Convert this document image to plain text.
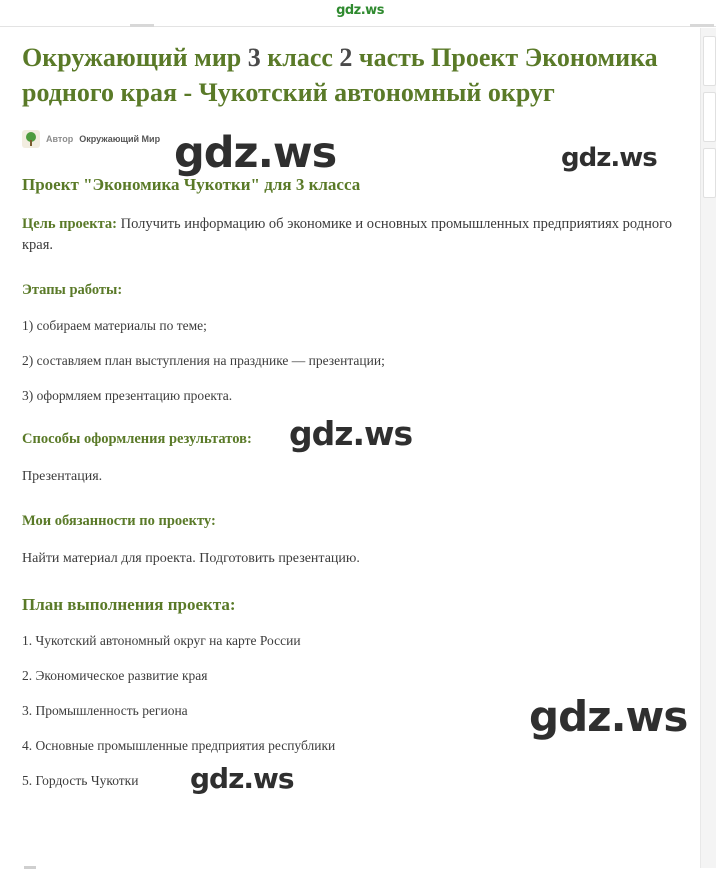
gdz.ws
Окружающий мир 3 класс 2 часть Проект Экономика родного края - Чукотский автономный округ
Автор Окружающий Мир
Проект "Экономика Чукотки" для 3 класса

Цель проекта: Получить информацию об экономике и основных промышленных предприятиях родного края.

Этапы работы:

1) собираем материалы по теме;

2) составляем план выступления на празднике — презентации;

3) оформляем презентацию проекта.

Способы оформления результатов:

Презентация.

Мои обязанности по проекту:

Найти материал для проекта. Подготовить презентацию.

План выполнения проекта:

1. Чукотский автономный округ на карте России

2. Экономическое развитие края

3. Промышленность региона

4. Основные промышленные предприятия республики

5. Гордость Чукотки

gdz.ws	gdz.ws
gdz.ws
gdz.ws
gdz.ws
